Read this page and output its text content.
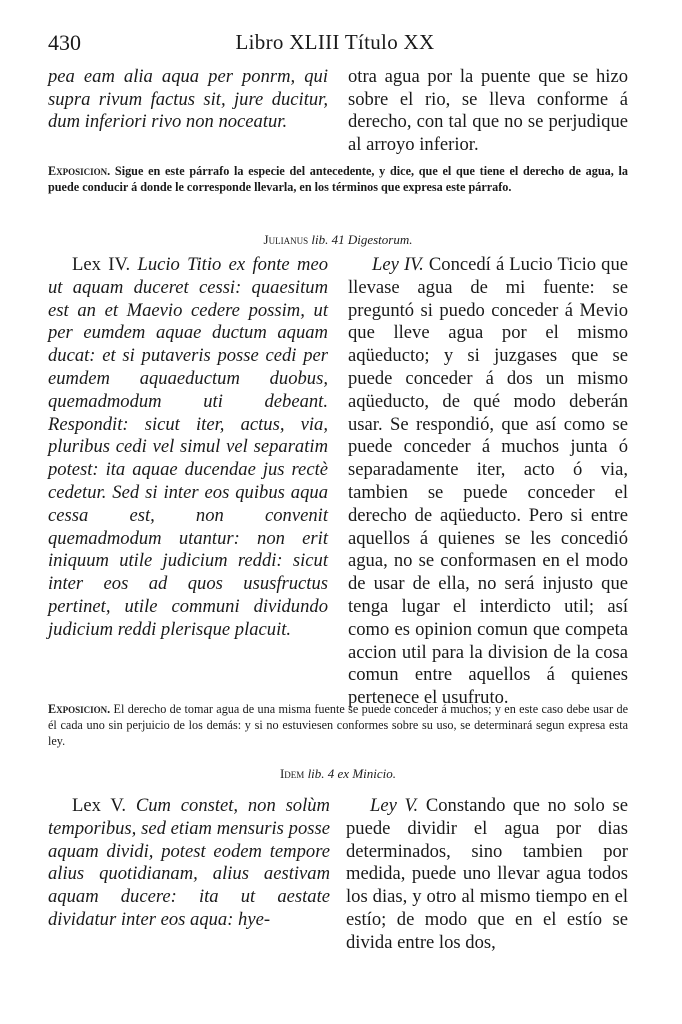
430	Libro XLIII Título XX

pea eam alia aqua per ponrm, qui supra rivum factus sit, jure ducitur, dum inferiori rivo non noceatur.

otra agua por la puente que se hizo sobre el rio, se lleva conforme á derecho, con tal que no se perjudique al arroyo inferior.

Exposicion. Sigue en este párrafo la especie del antecedente, y dice, que el que tiene el derecho de agua, la puede conducir á donde le corresponde llevarla, en los términos que expresa este párrafo.
Julianus lib. 41 Digestorum.

Lex IV. Lucio Titio ex fonte meo ut aquam duceret cessi: quaesitum est an et Maevio cedere possim, ut per eumdem aquae ductum aquam ducat: et si putaveris posse cedi per eumdem aquaeductum duobus, quemadmodum uti debeant. Respondit: sicut iter, actus, via, pluribus cedi vel simul vel separatim potest: ita aquae ducendae jus rectè cedetur. Sed si inter eos quibus aqua cessa est, non convenit quemadmodum utantur: non erit iniquum utile judicium reddi: sicut inter eos ad quos ususfructus pertinet, utile communi dividundo judicium reddi plerisque placuit.

Ley IV. Concedí á Lucio Ticio que llevase agua de mi fuente: se preguntó si puedo conceder á Mevio que lleve agua por el mismo aqüeducto; y si juzgases que se puede conceder á dos un mismo aqüeducto, de qué modo deberán usar. Se respondió, que así como se puede conceder á muchos junta ó separadamente iter, acto ó via, tambien se puede conceder el derecho de aqüeducto. Pero si entre aquellos á quienes se les concedió agua, no se conformasen en el modo de usar de ella, no será injusto que tenga lugar el interdicto util; así como es opinion comun que competa accion util para la division de la cosa comun entre aquellos á quienes pertenece el usufruto.

Exposicion. El derecho de tomar agua de una misma fuente se puede conceder á muchos; y en este caso debe usar de él cada uno sin perjuicio de los demás: y si no estuviesen conformes sobre su uso, se determinará segun expresa esta ley.
Idem lib. 4 ex Minicio.

Lex V. Cum constet, non solùm temporibus, sed etiam mensuris posse aquam dividi, potest eodem tempore alius quotidianam, alius aestivam aquam ducere: ita ut aestate dividatur inter eos aqua: hye-

Ley V. Constando que no solo se puede dividir el agua por dias determinados, sino tambien por medida, puede uno llevar agua todos los dias, y otro al mismo tiempo en el estío; de modo que en el estío se divida entre los dos,
